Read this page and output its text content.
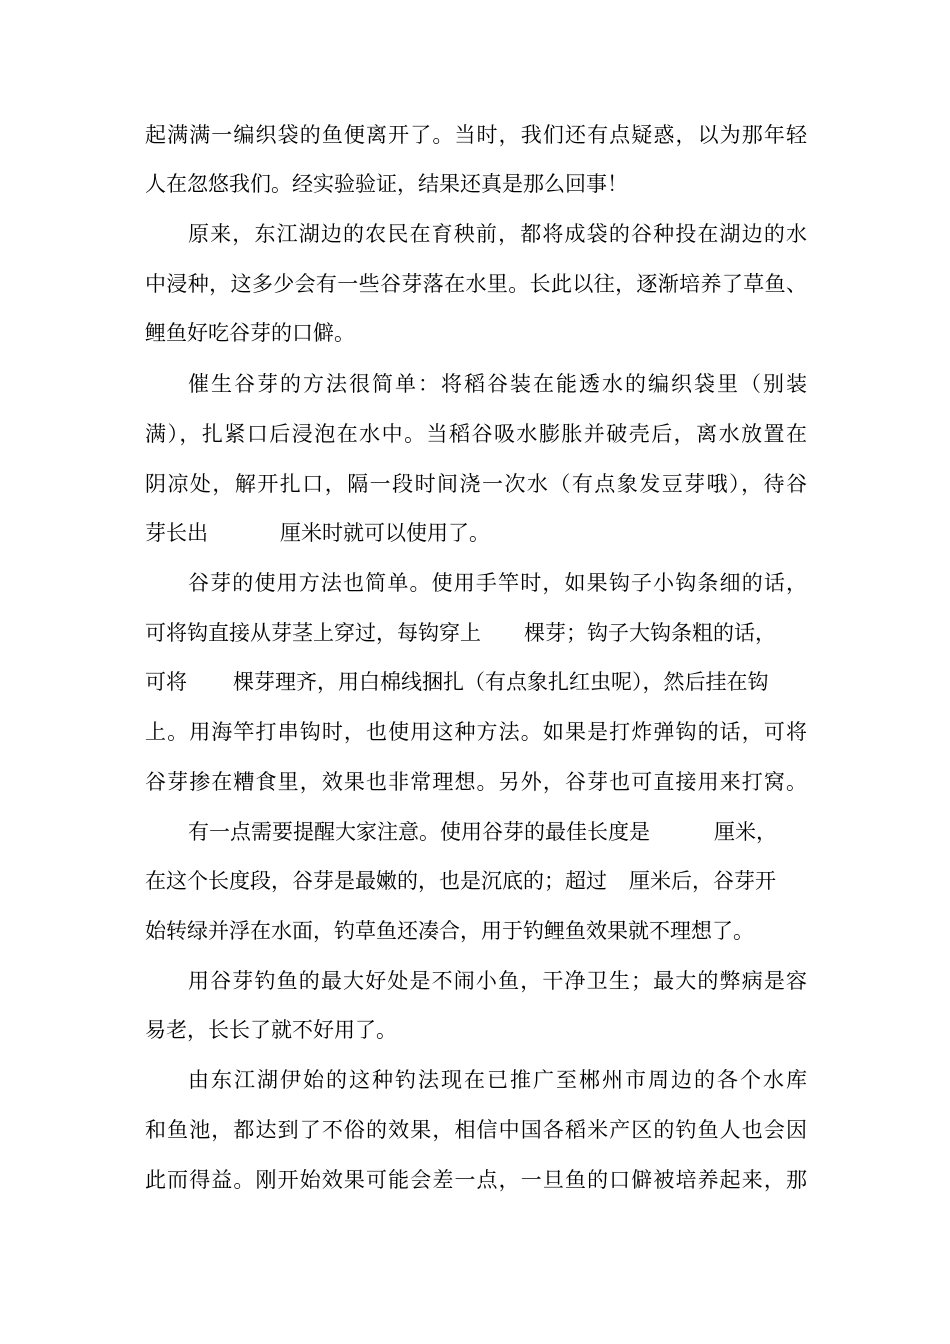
起满满一编织袋的鱼便离开了。当时，我们还有点疑惑，以为那年轻
人在忽悠我们。经实验验证，结果还真是那么回事！
原来，东江湖边的农民在育秧前，都将成袋的谷种投在湖边的水
中浸种，这多少会有一些谷芽落在水里。长此以往，逐渐培养了草鱼、
鲤鱼好吃谷芽的口僻。
催生谷芽的方法很简单：将稻谷装在能透水的编织袋里（别装
满），扎紧口后浸泡在水中。当稻谷吸水膨胀并破壳后，离水放置在
阴凉处，解开扎口，隔一段时间浇一次水（有点象发豆芽哦），待谷
芽长出	厘米时就可以使用了。
谷芽的使用方法也简单。使用手竿时，如果钩子小钩条细的话，
可将钩直接从芽茎上穿过，每钩穿上 棵芽；钩子大钩条粗的话，
可将 棵芽理齐，用白棉线捆扎（有点象扎红虫呢），然后挂在钩
上。用海竿打串钩时，也使用这种方法。如果是打炸弹钩的话，可将
谷芽掺在糟食里，效果也非常理想。另外，谷芽也可直接用来打窝。
有一点需要提醒大家注意。使用谷芽的最佳长度是	厘米，
在这个长度段，谷芽是最嫩的，也是沉底的；超过 厘米后，谷芽开
始转绿并浮在水面，钓草鱼还凑合，用于钓鲤鱼效果就不理想了。
用谷芽钓鱼的最大好处是不闹小鱼，干净卫生；最大的弊病是容
易老，长长了就不好用了。
由东江湖伊始的这种钓法现在已推广至郴州市周边的各个水库
和鱼池，都达到了不俗的效果，相信中国各稻米产区的钓鱼人也会因
此而得益。刚开始效果可能会差一点，一旦鱼的口僻被培养起来，那
